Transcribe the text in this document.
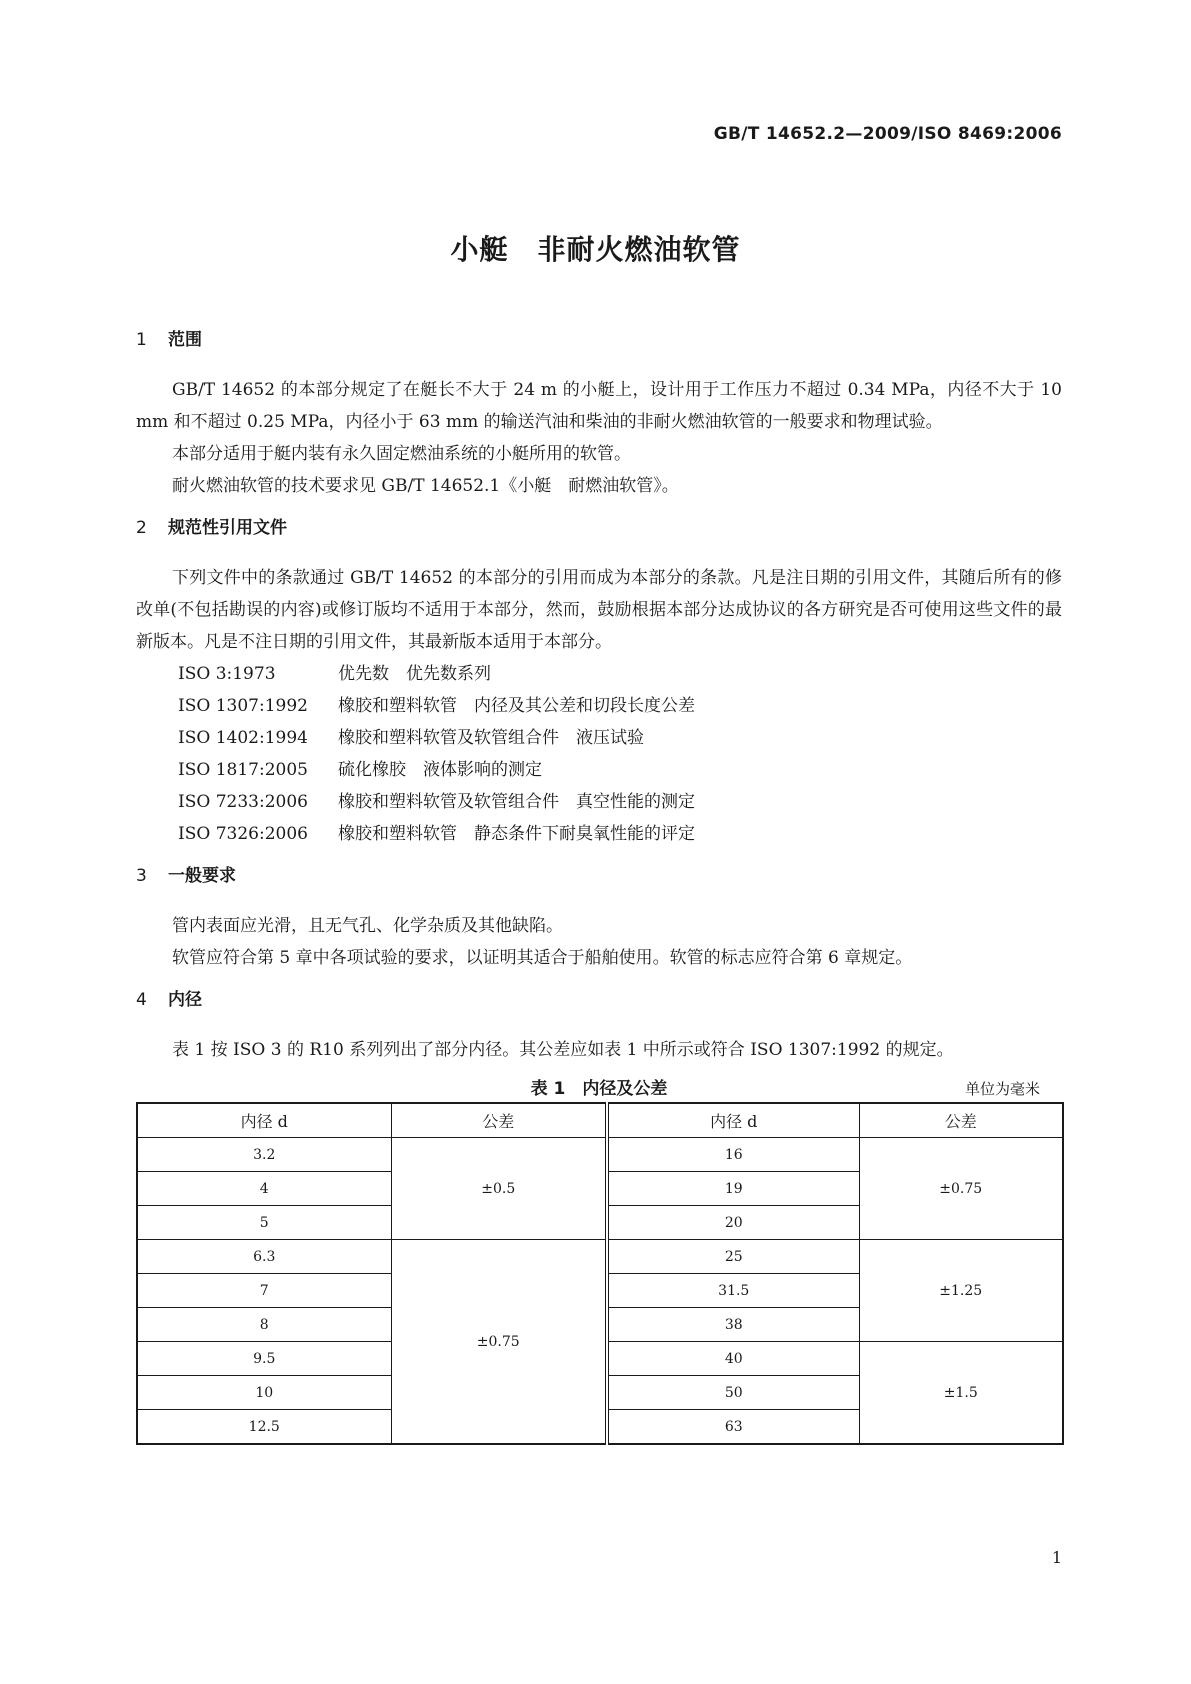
GB/T 14652.2—2009/ISO 8469:2006
小艇　非耐火燃油软管
1 范围

GB/T 14652 的本部分规定了在艇长不大于 24 m 的小艇上，设计用于工作压力不超过 0.34 MPa，内径不大于 10 mm 和不超过 0.25 MPa，内径小于 63 mm 的输送汽油和柴油的非耐火燃油软管的一般要求和物理试验。

本部分适用于艇内装有永久固定燃油系统的小艇所用的软管。

耐火燃油软管的技术要求见 GB/T 14652.1《小艇　耐燃油软管》。

2 规范性引用文件

下列文件中的条款通过 GB/T 14652 的本部分的引用而成为本部分的条款。凡是注日期的引用文件，其随后所有的修改单(不包括勘误的内容)或修订版均不适用于本部分，然而，鼓励根据本部分达成协议的各方研究是否可使用这些文件的最新版本。凡是不注日期的引用文件，其最新版本适用于本部分。

ISO 3:1973	优先数　优先数系列
ISO 1307:1992 橡胶和塑料软管　内径及其公差和切段长度公差
ISO 1402:1994 橡胶和塑料软管及软管组合件　液压试验
ISO 1817:2005 硫化橡胶　液体影响的测定
ISO 7233:2006 橡胶和塑料软管及软管组合件　真空性能的测定
ISO 7326:2006 橡胶和塑料软管　静态条件下耐臭氧性能的评定
3 一般要求

管内表面应光滑，且无气孔、化学杂质及其他缺陷。

软管应符合第 5 章中各项试验的要求，以证明其适合于船舶使用。软管的标志应符合第 6 章规定。

4 内径

表 1 按 ISO 3 的 R10 系列列出了部分内径。其公差应如表 1 中所示或符合 ISO 1307:1992 的规定。

表 1　内径及公差	单位为毫米
内径 d	公差	内径 d	公差
3.2	±0.5	16	±0.75
4		19	
5		20	
6.3	±0.75	25	±1.25
7		31.5	
8		38	
9.5		40	±1.5
10		50	
12.5		63	
1
